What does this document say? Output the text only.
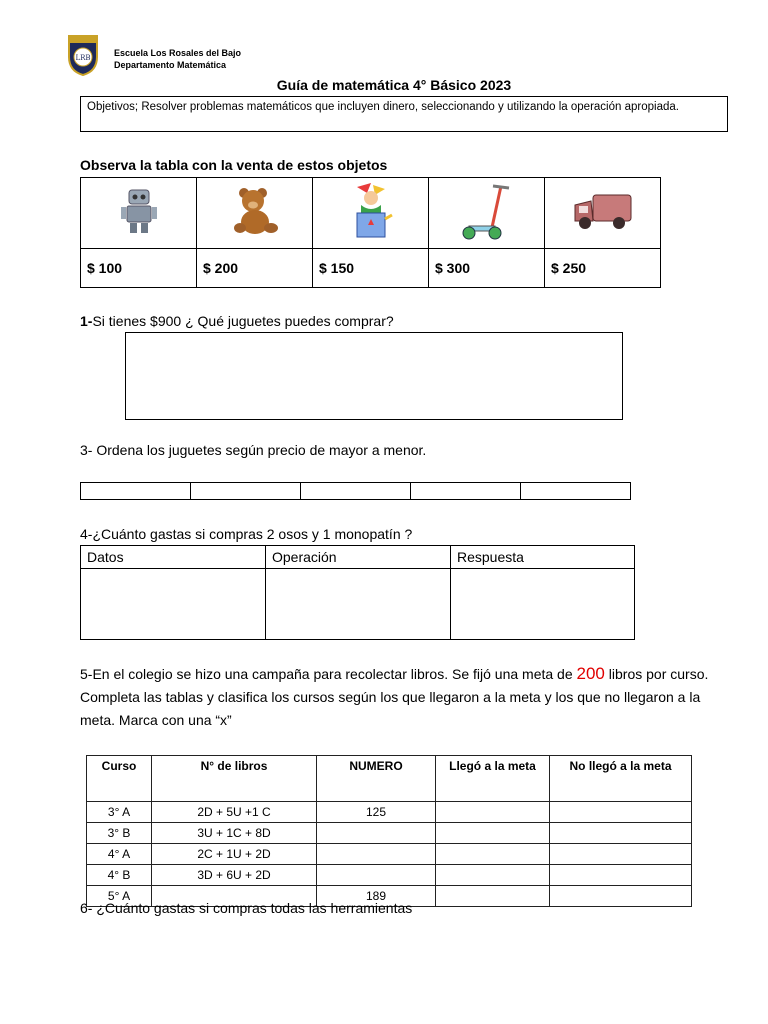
LRB	Escuela Los Rosales del Bajo
Departamento Matemática
Guía de matemática 4° Básico 2023
Objetivos; Resolver problemas matemáticos que incluyen dinero, seleccionando y utilizando la operación apropiada.
Observa la tabla con la venta de estos objetos

$ 100	$ 200	$ 150	$ 300	$ 250
1-Si tienes $900 ¿ Qué juguetes puedes comprar?
3- Ordena los juguetes según precio de mayor a menor.

4-¿Cuánto gastas si compras 2 osos y 1 monopatín ?
Datos	Operación	Respuesta

5-En el colegio se hizo una campaña para recolectar libros. Se fijó una meta de 200 libros por curso. Completa las tablas y clasifica los cursos según los que llegaron a la meta y los que no llegaron a la meta. Marca con una “x”
Curso	N° de libros	NUMERO	Llegó a la meta	No llegó a la meta
3° A	2D + 5U +1 C	125		
3° B	3U + 1C + 8D			
4° A	2C + 1U + 2D			
4° B	3D + 6U + 2D			
5° A		189		
6- ¿Cuánto gastas si compras todas las herramientas
